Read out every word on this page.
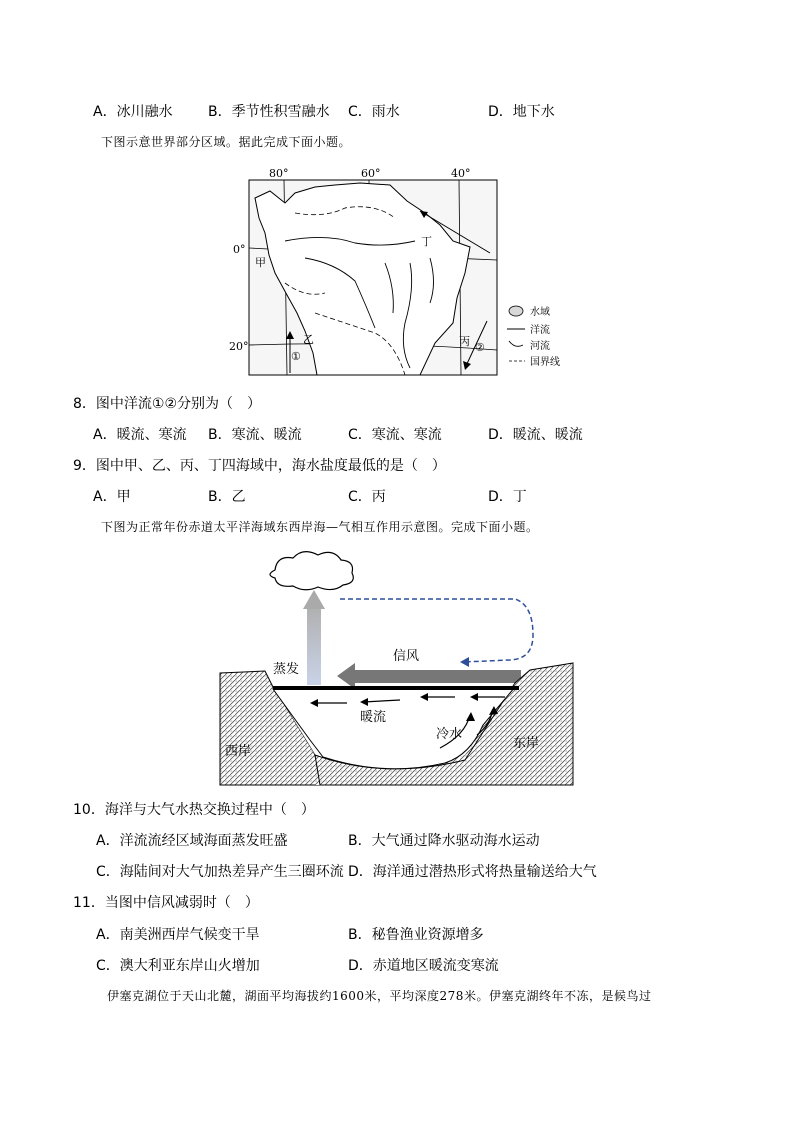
A．冰川融水	B．季节性积雪融水 C．雨水	D．地下水
下图示意世界部分区域。据此完成下面小题。
80°	60°	40°
0°
20°
甲
乙	丙
丁
①
②
水域
洋流
河流
国界线
8．图中洋流①②分别为（　）
A．暖流、寒流 B．寒流、暖流	C．寒流、寒流	D．暖流、暖流
9．图中甲、乙、丙、丁四海域中，海水盐度最低的是（　）
A．甲	B．乙	C．丙	D．丁
下图为正常年份赤道太平洋海域东西岸海—气相互作用示意图。完成下面小题。
蒸发
信风
暖流
冷水
西岸
东岸
10．海洋与大气水热交换过程中（　）
A．洋流流经区域海面蒸发旺盛	B．大气通过降水驱动海水运动
C．海陆间对大气加热差异产生三圈环流 D．海洋通过潜热形式将热量输送给大气
11．当图中信风减弱时（　）
A．南美洲西岸气候变干旱	B．秘鲁渔业资源增多
C．澳大利亚东岸山火增加	D．赤道地区暖流变寒流
伊塞克湖位于天山北麓，湖面平均海拔约1600米，平均深度278米。伊塞克湖终年不冻，是候鸟过
